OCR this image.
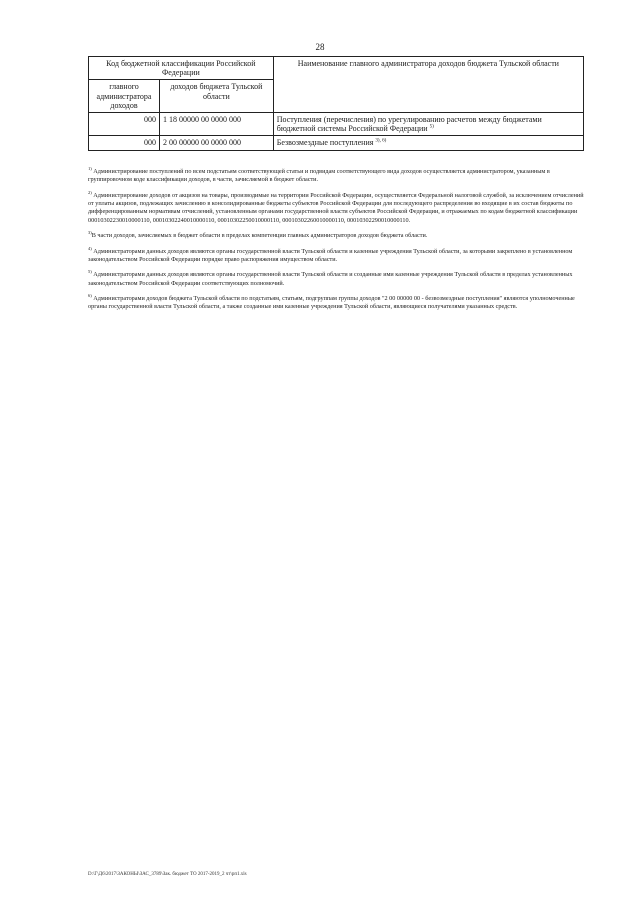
28
Код бюджетной классификации Российской Федерации		Наименование главного администратора доходов бюджета Тульской области
главного администратора доходов	доходов бюджета Тульской области	
000	1 18 00000 00 0000 000	Поступления (перечисления) по урегулированию расчетов между бюджетами бюджетной системы Российской Федерации $^{5)}$
000	2 00 00000 00 0000 000	Безвозмездные поступления $^{3), 6)}$

$^{1)}$ Администрирование поступлений по всем подстатьям соответствующей статьи и подвидам соответствующего вида доходов осуществляется администратором, указанным в группировочном коде классификации доходов, в части, зачисляемой в бюджет области.

$^{2)}$ Администрирование доходов от акцизов на товары, производимые на территории Российской Федерации, осуществляется Федеральной налоговой службой, за исключением отчислений от уплаты акцизов, подлежащих зачислению в консолидированные бюджеты субъектов Российской Федерации для последующего распределения во входящие в их состав бюджеты по дифференцированным нормативам отчислений, установленным органами государственной власти субъектов Российской Федерации, и отражаемых по кодам бюджетной классификации 00010302230010000110, 00010302240010000110, 00010302250010000110, 00010302260010000110, 00010302290010000110.

$^{3)}$В части доходов, зачисляемых в бюджет области в пределах компетенции главных администраторов доходов бюджета области.

$^{4)}$ Администраторами данных доходов являются органы государственной власти Тульской области и казенные учреждения Тульской области, за которыми закреплено в установленном законодательством Российской Федерации порядке право распоряжения имуществом области.

$^{5)}$ Администраторами данных доходов являются органы государственной власти Тульской области и созданные ими казенные учреждения Тульской области в пределах установленных законодательством Российской Федерации соответствующих полномочий.

$^{6)}$ Администраторами доходов бюджета Тульской области по подстатьям, статьям, подгруппам группы доходов "2 00 00000 00 - безвозмездные поступления" являются уполномоченные органы государственной власти Тульской области, а также созданные ими казенные учреждения Тульской области, являющиеся получателями указанных средств.

D:\Г\Д6\2017\ЗАКОНЫ\ЗАС_3789\Зак. бюджет ТО 2017-2019_2 чт\рп1.xls
